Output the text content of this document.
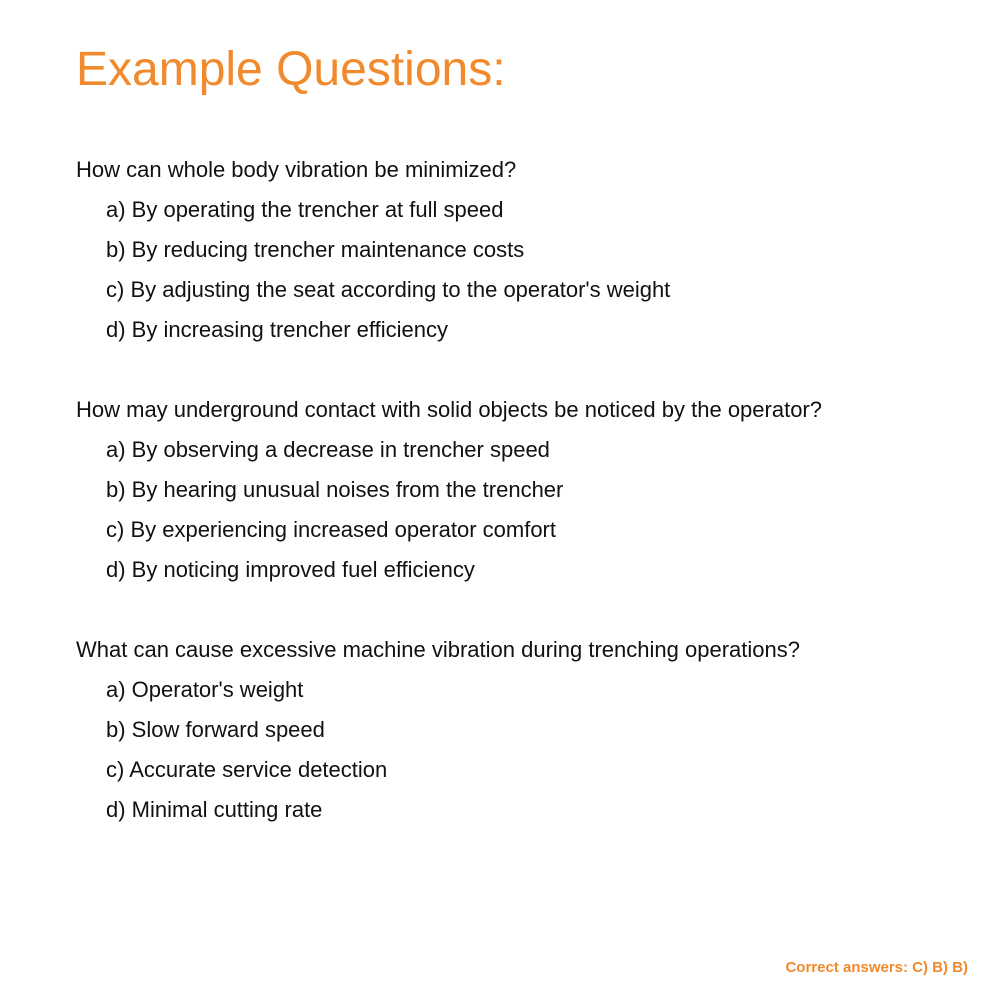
Example Questions:

How can whole body vibration be minimized?

a) By operating the trencher at full speed

b) By reducing trencher maintenance costs

c) By adjusting the seat according to the operator's weight

d) By increasing trencher efficiency

How may underground contact with solid objects be noticed by the operator?

a) By observing a decrease in trencher speed

b) By hearing unusual noises from the trencher

c) By experiencing increased operator comfort

d) By noticing improved fuel efficiency

What can cause excessive machine vibration during trenching operations?

a) Operator's weight

b) Slow forward speed

c) Accurate service detection

d) Minimal cutting rate

Correct answers: C) B) B)
